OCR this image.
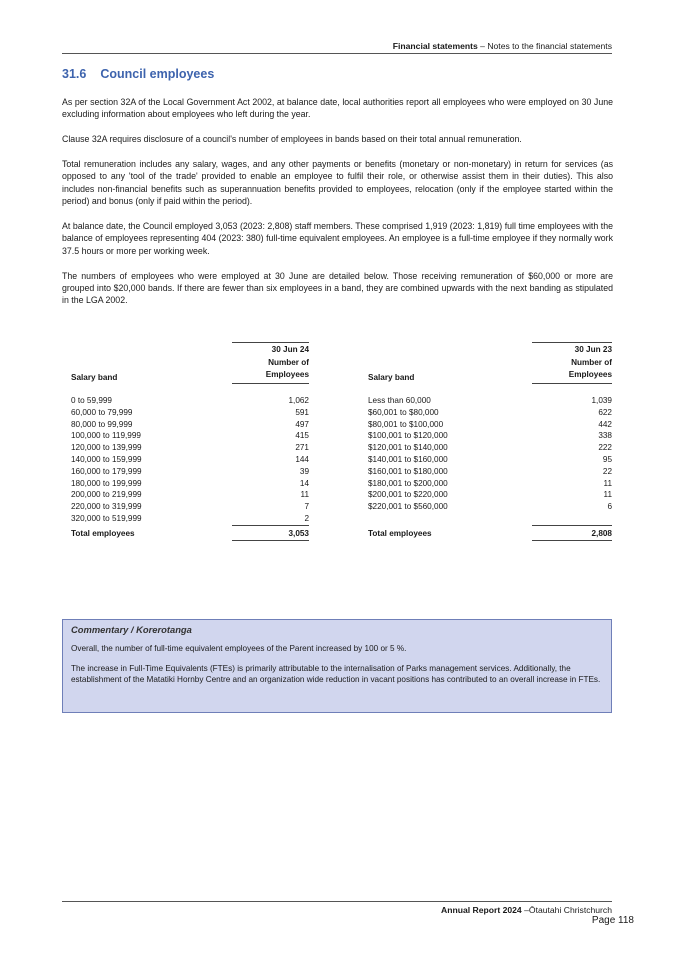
Financial statements – Notes to the financial statements
31.6 Council employees

As per section 32A of the Local Government Act 2002, at balance date, local authorities report all employees who were employed on 30 June excluding information about employees who left during the year.

Clause 32A requires disclosure of a council's number of employees in bands based on their total annual remuneration.

Total remuneration includes any salary, wages, and any other payments or benefits (monetary or non-monetary) in return for services (as opposed to any 'tool of the trade' provided to enable an employee to fulfil their role, or otherwise assist them in their duties). This also includes non-financial benefits such as superannuation benefits provided to employees, relocation (only if the employee started within the period) and bonus (only if paid within the period).

At balance date, the Council employed 3,053 (2023: 2,808) staff members. These comprised 1,919 (2023: 1,819) full time employees with the balance of employees representing 404 (2023: 380) full-time equivalent employees. An employee is a full-time employee if they normally work 37.5 hours or more per working week.

The numbers of employees who were employed at 30 June are detailed below. Those receiving remuneration of $60,000 or more are grouped into $20,000 bands. If there are fewer than six employees in a band, they are combined upwards with the next banding as stipulated in the LGA 2002.

Salary band
30 Jun 24
Number of
Employees
0 to 59,999	1,062
60,000 to 79,999	591
80,000 to 99,999	497
100,000 to 119,999	415
120,000 to 139,999	271
140,000 to 159,999	144
160,000 to 179,999	39
180,000 to 199,999	14
200,000 to 219,999	11
220,000 to 319,999	7
320,000 to 519,999	2
Total employees	3,053
Salary band
30 Jun 23
Number of
Employees
Less than 60,000	1,039
$60,001 to $80,000	622
$80,001 to $100,000	442
$100,001 to $120,000	338
$120,001 to $140,000	222
$140,001 to $160,000	95
$160,001 to $180,000	22
$180,001 to $200,000	11
$200,001 to $220,000	11
$220,001 to $560,000	6
Total employees	2,808
Commentary / Korerotanga

Overall, the number of full-time equivalent employees of the Parent increased by 100 or 5 %.

The increase in Full-Time Equivalents (FTEs) is primarily attributable to the internalisation of Parks management services. Additionally, the establishment of the Matatiki Hornby Centre and an organization wide reduction in vacant positions has contributed to an overall increase in FTEs.

Annual Report 2024 –Ōtautahi Christchurch
Page 118
